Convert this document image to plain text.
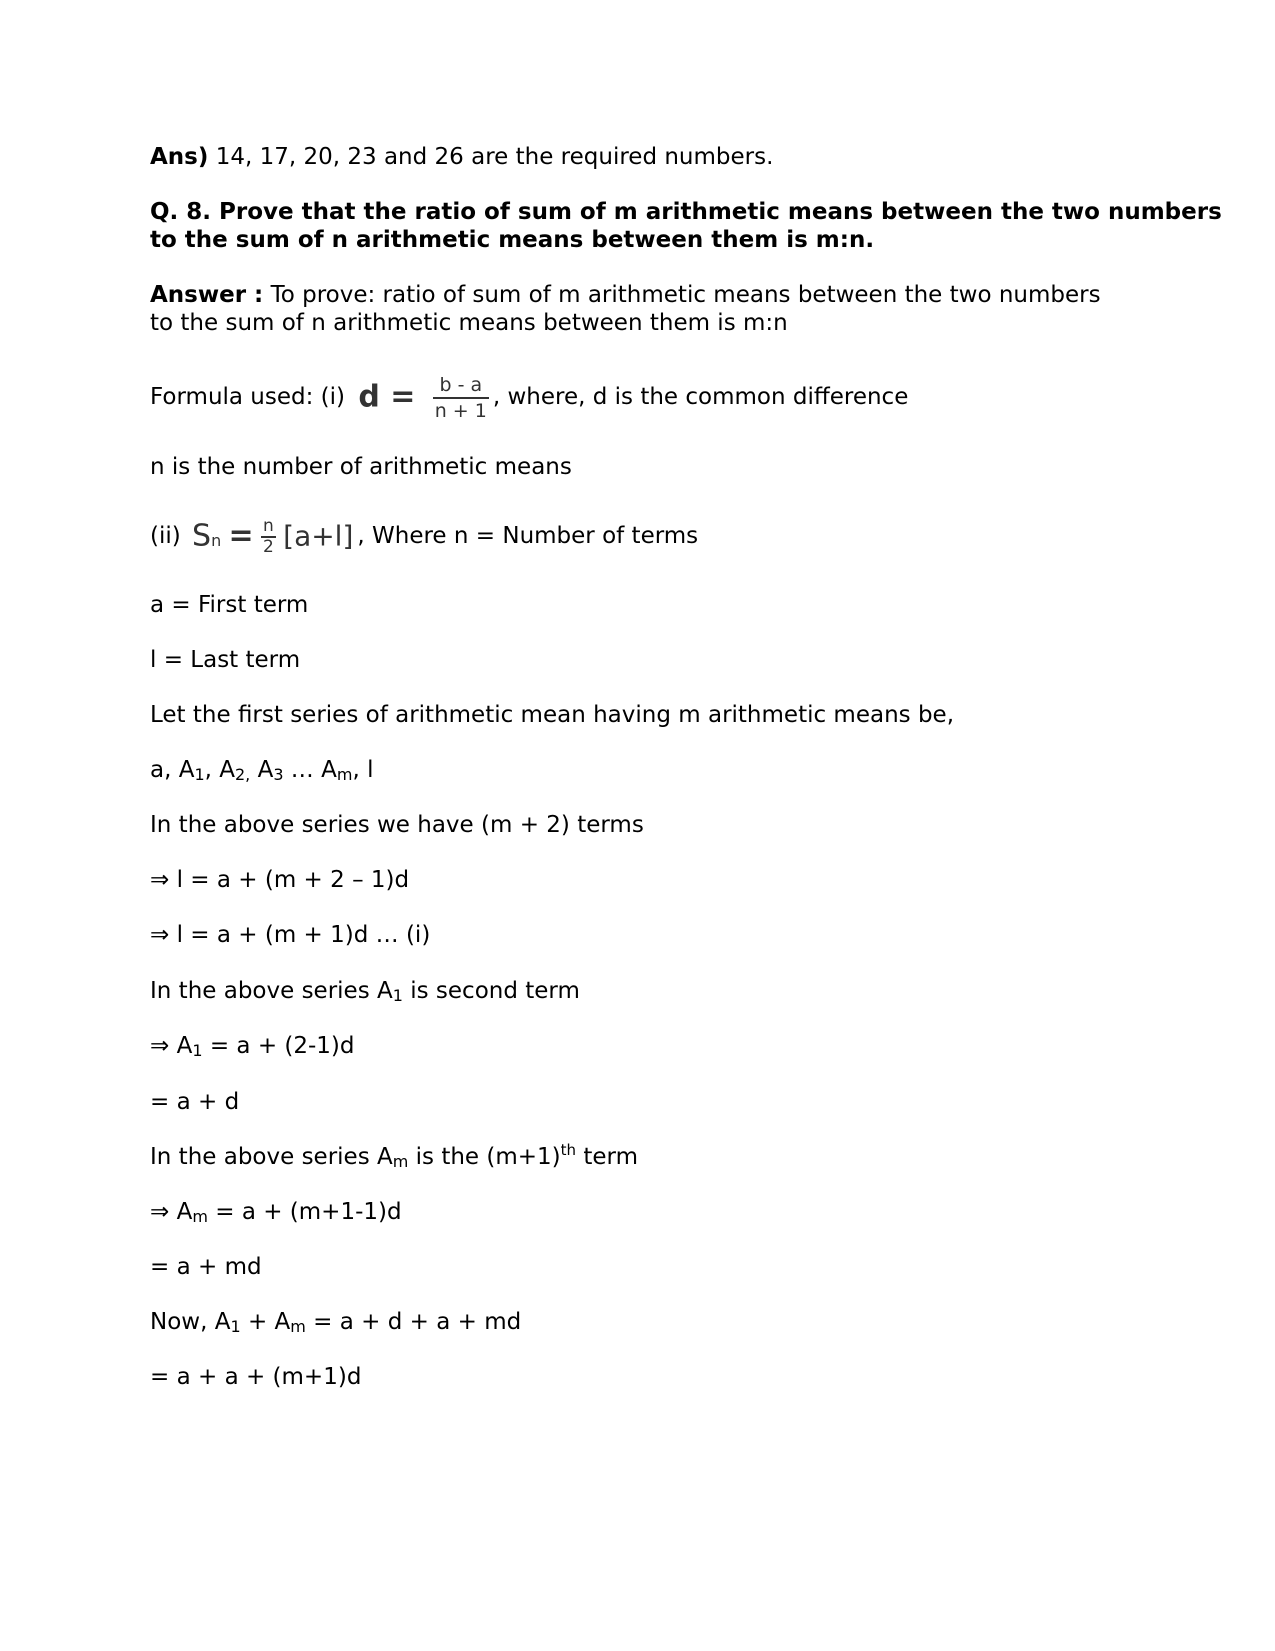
Ans) 14, 17, 20, 23 and 26 are the required numbers.
Q. 8. Prove that the ratio of sum of m arithmetic means between the two numbers
to the sum of n arithmetic means between them is m:n.
Answer : To prove: ratio of sum of m arithmetic means between the two numbers to the sum of n arithmetic means between them is m:n
Formula used: (i) $d = \frac{b - a}{n + 1}$ , where, d is the common difference
n is the number of arithmetic means
(ii) $S_n = \frac{n}{2} [a+l]$ , Where n = Number of terms
a = First term
l = Last term
Let the first series of arithmetic mean having m arithmetic means be,
a, $A_1$, $A_{2,}$ $A_3$ … $A_m$, l
In the above series we have (m + 2) terms
⇒ l = a + (m + 2 – 1)d
⇒ l = a + (m + 1)d … (i)
In the above series $A_1$ is second term
⇒ $A_1 = a + (2-1)d$
= a + d
In the above series $A_m$ is the $(m+1)^{th}$ term
⇒ $A_m = a + (m+1-1)d$
= a + md
Now, $A_1 + A_m = a + d + a$ + md
= a + a + (m+1)d
